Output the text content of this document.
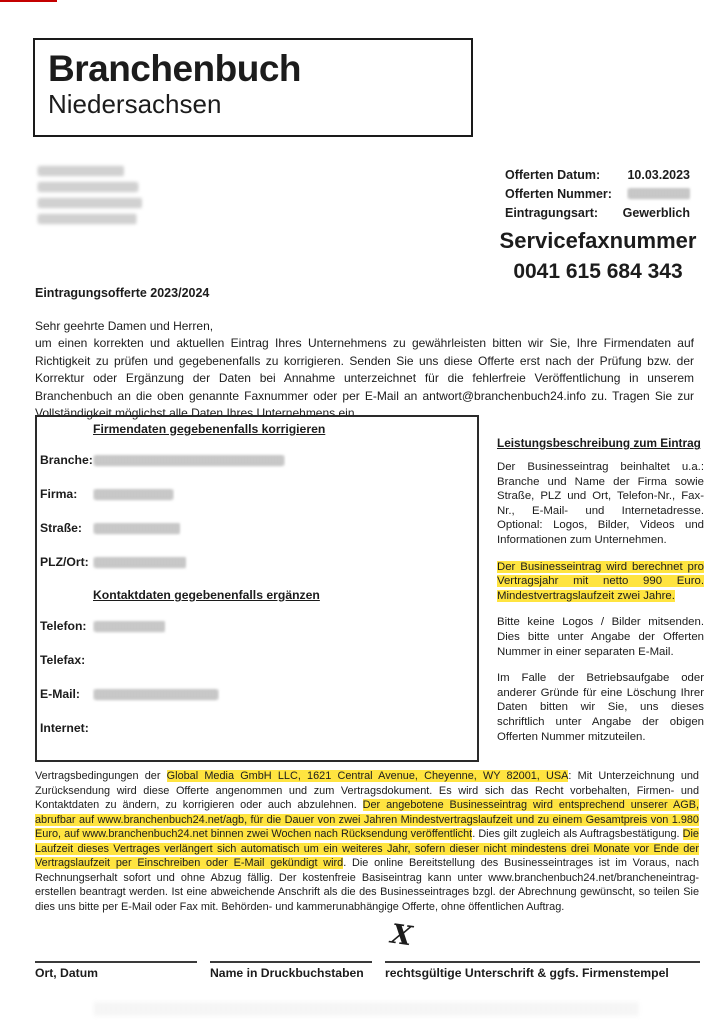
Branchenbuch
Niedersachsen
Offerten Datum: 10.03.2023
Offerten Nummer:
Eintragungsart: Gewerblich
Servicefaxnummer
0041 615 684 343
Eintragungsofferte 2023/2024
Sehr geehrte Damen und Herren,
um einen korrekten und aktuellen Eintrag Ihres Unternehmens zu gewährleisten bitten wir Sie, Ihre Firmendaten auf Richtigkeit zu prüfen und gegebenenfalls zu korrigieren. Senden Sie uns diese Offerte erst nach der Prüfung bzw. der Korrektur oder Ergänzung der Daten bei Annahme unterzeichnet für die fehlerfreie Veröffentlichung in unserem Branchenbuch an die oben genannte Faxnummer oder per E-Mail an antwort@branchenbuch24.info zu. Tragen Sie zur Vollständigkeit möglichst alle Daten Ihres Unternehmens ein.
Firmendaten gegebenenfalls korrigieren
Branche:
Firma:
Straße:
PLZ/Ort:
Kontaktdaten gegebenenfalls ergänzen
Telefon:
Telefax:
E-Mail:
Internet:
Leistungsbeschreibung zum Eintrag

Der Businesseintrag beinhaltet u.a.: Branche und Name der Firma sowie Straße, PLZ und Ort, Telefon-Nr., Fax-Nr., E-Mail- und Internetadresse. Optional: Logos, Bilder, Videos und Informationen zum Unternehmen.

Der Businesseintrag wird berechnet pro Vertragsjahr mit netto 990 Euro. Mindestvertragslaufzeit zwei Jahre.

Bitte keine Logos / Bilder mitsenden. Dies bitte unter Angabe der Offerten Nummer in einer separaten E-Mail.

Im Falle der Betriebsaufgabe oder anderer Gründe für eine Löschung Ihrer Daten bitten wir Sie, uns dieses schriftlich unter Angabe der obigen Offerten Nummer mitzuteilen.

Vertragsbedingungen der Global Media GmbH LLC, 1621 Central Avenue, Cheyenne, WY 82001, USA: Mit Unterzeichnung und Zurücksendung wird diese Offerte angenommen und zum Vertragsdokument. Es wird sich das Recht vorbehalten, Firmen- und Kontaktdaten zu ändern, zu korrigieren oder auch abzulehnen. Der angebotene Businesseintrag wird entsprechend unserer AGB, abrufbar auf www.branchenbuch24.net/agb, für die Dauer von zwei Jahren Mindestvertragslaufzeit und zu einem Gesamtpreis von 1.980 Euro, auf www.branchenbuch24.net binnen zwei Wochen nach Rücksendung veröffentlicht. Dies gilt zugleich als Auftragsbestätigung. Die Laufzeit dieses Vertrages verlängert sich automatisch um ein weiteres Jahr, sofern dieser nicht mindestens drei Monate vor Ende der Vertragslaufzeit per Einschreiben oder E-Mail gekündigt wird. Die online Bereitstellung des Businesseintrages ist im Voraus, nach Rechnungserhalt sofort und ohne Abzug fällig. Der kostenfreie Basiseintrag kann unter www.branchenbuch24.net/brancheneintrag-erstellen beantragt werden. Ist eine abweichende Anschrift als die des Businesseintrages bzgl. der Abrechnung gewünscht, so teilen Sie dies uns bitte per E-Mail oder Fax mit. Behörden- und kammerunabhängige Offerte, ohne öffentlichen Auftrag.
X
Ort, Datum	Name in Druckbuchstaben	rechtsgültige Unterschrift & ggfs. Firmenstempel
